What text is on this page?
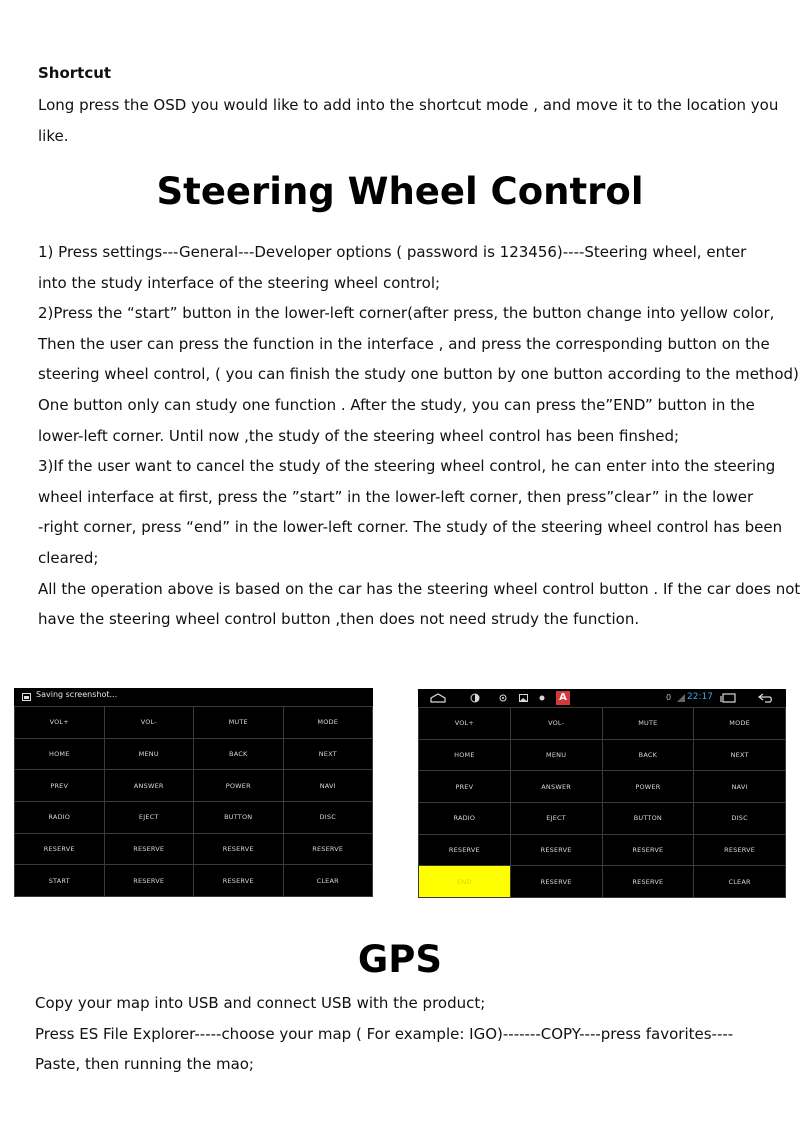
Shortcut
Long press the OSD you would like to add into the shortcut mode , and move it to the location you
like.
Steering Wheel Control
1) Press settings---General---Developer options ( password is 123456)----Steering wheel, enter
into the study interface of the steering wheel control;
2)Press the “start” button in the lower-left corner(after press, the button change into yellow color,
Then the user can press the function in the interface , and press the corresponding button on the
steering wheel control, ( you can finish the study one button by one button according to the method)
One button only can study one function . After the study, you can press the”END” button in the
lower-left corner. Until now ,the study of the steering wheel control has been finshed;
3)If the user want to cancel the study of the steering wheel control, he can enter into the steering
wheel interface at first, press the ”start” in the lower-left corner, then press”clear” in the lower
-right corner, press “end” in the lower-left corner. The study of the steering wheel control has been
cleared;
All the operation above is based on the car has the steering wheel control button . If the car does not
have the steering wheel control button ,then does not need strudy the function.
Saving screenshot...
VOL+	VOL-	MUTE	MODE
HOME	MENU	BACK	NEXT
PREV	ANSWER	POWER	NAVI
RADIO	EJECT	BUTTON	DISC
RESERVE	RESERVE	RESERVE	RESERVE
START	RESERVE	RESERVE	CLEAR
A	0 22:17
VOL+	VOL-	MUTE	MODE
HOME	MENU	BACK	NEXT
PREV	ANSWER	POWER	NAVI
RADIO	EJECT	BUTTON	DISC
RESERVE	RESERVE	RESERVE	RESERVE
END	RESERVE	RESERVE	CLEAR
GPS
Copy your map into USB and connect USB with the product;
Press ES File Explorer-----choose your map ( For example: IGO)-------COPY----press favorites----
Paste, then running the mao;
